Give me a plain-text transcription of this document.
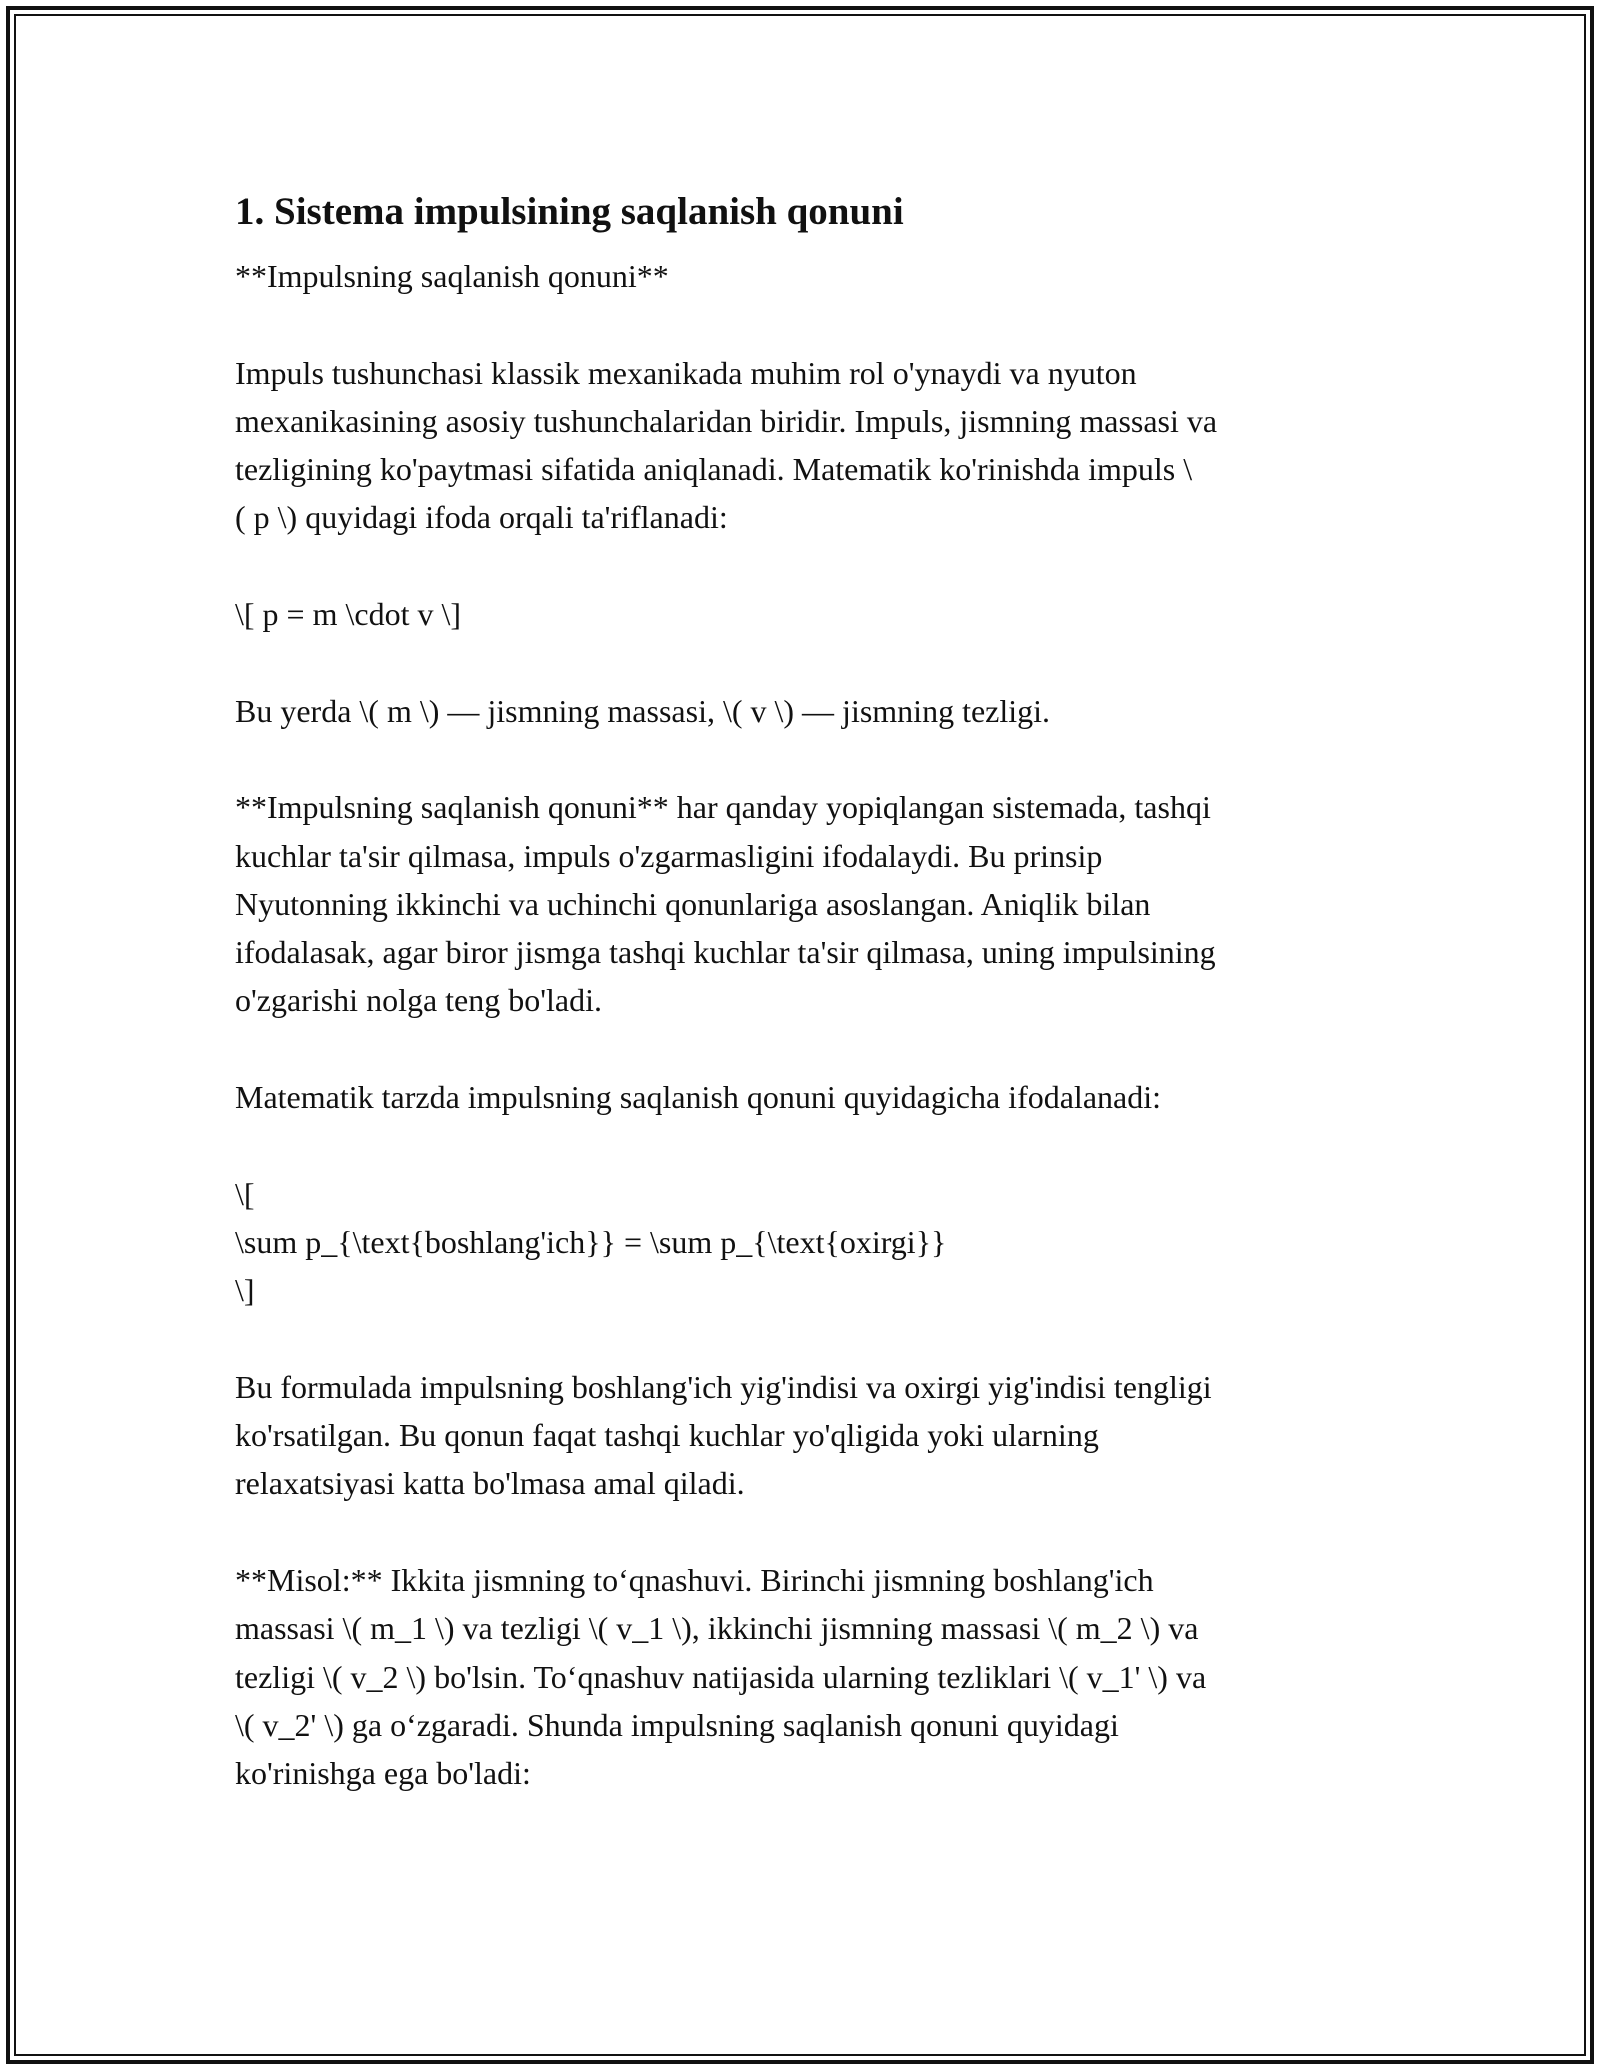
1. Sistema impulsining saqlanish qonuni

**Impulsning saqlanish qonuni**

Impuls tushunchasi klassik mexanikada muhim rol o'ynaydi va nyuton
mexanikasining asosiy tushunchalaridan biridir. Impuls, jismning massasi va
tezligining ko'paytmasi sifatida aniqlanadi. Matematik ko'rinishda impuls \
( p \) quyidagi ifoda orqali ta'riflanadi:

\[ p = m \cdot v \]

Bu yerda \( m \) — jismning massasi, \( v \) — jismning tezligi.

**Impulsning saqlanish qonuni** har qanday yopiqlangan sistemada, tashqi
kuchlar ta'sir qilmasa, impuls o'zgarmasligini ifodalaydi. Bu prinsip
Nyutonning ikkinchi va uchinchi qonunlariga asoslangan. Aniqlik bilan
ifodalasak, agar biror jismga tashqi kuchlar ta'sir qilmasa, uning impulsining
o'zgarishi nolga teng bo'ladi.

Matematik tarzda impulsning saqlanish qonuni quyidagicha ifodalanadi:

\[
\sum p_{\text{boshlang'ich}} = \sum p_{\text{oxirgi}}
\]

Bu formulada impulsning boshlang'ich yig'indisi va oxirgi yig'indisi tengligi
ko'rsatilgan. Bu qonun faqat tashqi kuchlar yo'qligida yoki ularning
relaxatsiyasi katta bo'lmasa amal qiladi.

**Misol:** Ikkita jismning to‘qnashuvi. Birinchi jismning boshlang'ich
massasi \( m_1 \) va tezligi \( v_1 \), ikkinchi jismning massasi \( m_2 \) va
tezligi \( v_2 \) bo'lsin. To‘qnashuv natijasida ularning tezliklari \( v_1' \) va
\( v_2' \) ga o‘zgaradi. Shunda impulsning saqlanish qonuni quyidagi
ko'rinishga ega bo'ladi:
